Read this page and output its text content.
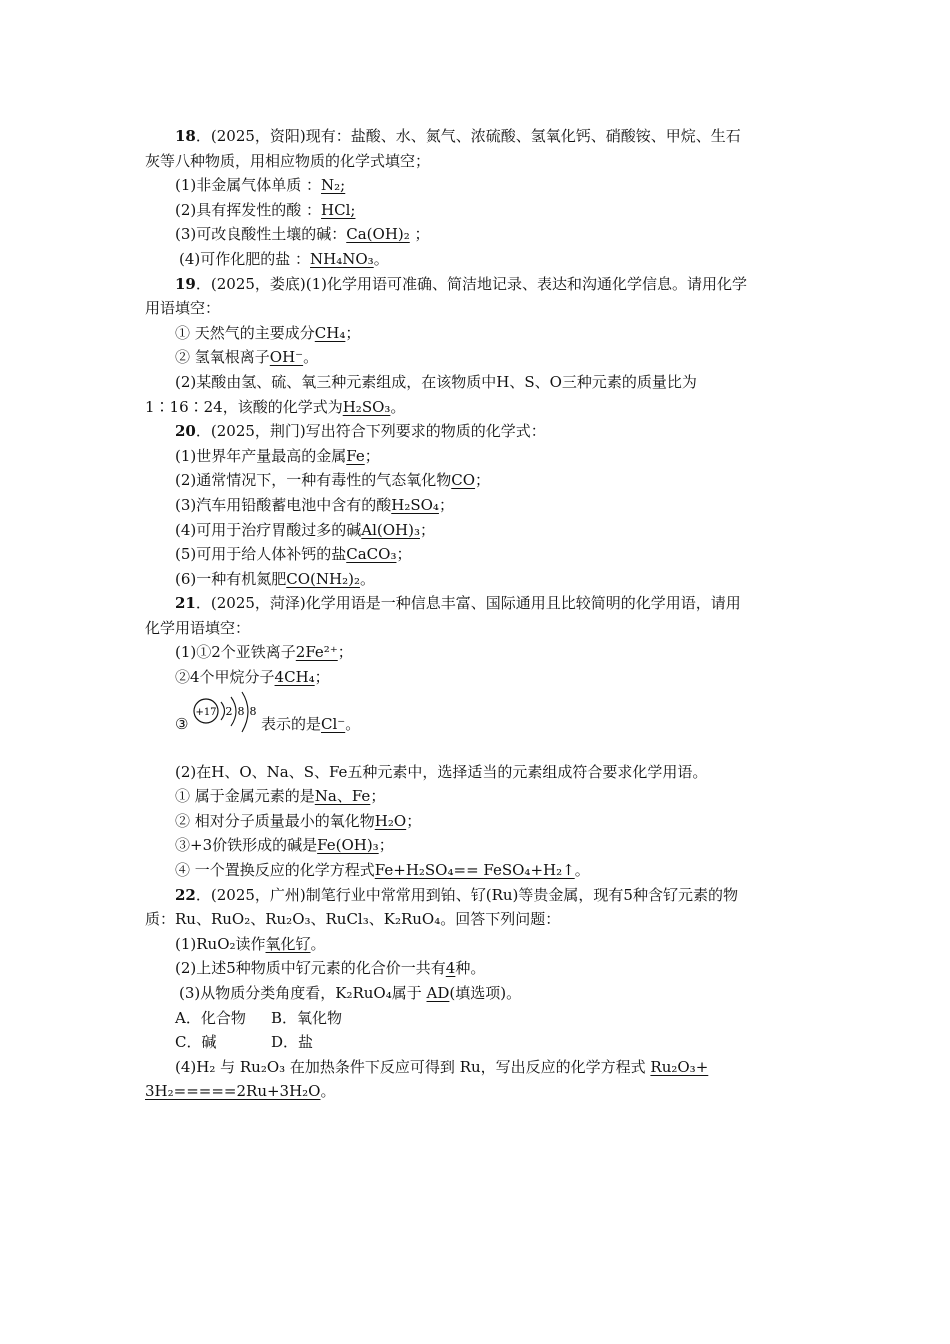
18．(2025，资阳)现有：盐酸、水、氮气、浓硫酸、氢氧化钙、硝酸铵、甲烷、生石
灰等八种物质，用相应物质的化学式填空；
(1)非金属气体单质 ：N₂;
(2)具有挥发性的酸 ：HCl;
(3)可改良酸性土壤的碱：Ca(OH)₂ ；
(4)可作化肥的盐 ：NH₄NO₃。
19．(2025，娄底)(1)化学用语可准确、简洁地记录、表达和沟通化学信息。请用化学
用语填空：
① 天然气的主要成分CH₄；
② 氢氧根离子OH⁻。
(2)某酸由氢、硫、氧三种元素组成，在该物质中H、S、O三种元素的质量比为
1∶16∶24，该酸的化学式为H₂SO₃。
20．(2025，荆门)写出符合下列要求的物质的化学式：
(1)世界年产量最高的金属Fe；
(2)通常情况下，一种有毒性的气态氧化物CO；
(3)汽车用铅酸蓄电池中含有的酸H₂SO₄；
(4)可用于治疗胃酸过多的碱Al(OH)₃；
(5)可用于给人体补钙的盐CaCO₃；
(6)一种有机氮肥CO(NH₂)₂。
21．(2025，菏泽)化学用语是一种信息丰富、国际通用且比较简明的化学用语，请用
化学用语填空：
(1)①2个亚铁离子2Fe²⁺；
②4个甲烷分子4CH₄；
③
+17 2 8 8
表示的是Cl⁻。
(2)在H、O、Na、S、Fe五种元素中，选择适当的元素组成符合要求化学用语。
① 属于金属元素的是Na、Fe；
② 相对分子质量最小的氧化物H₂O；
③+3价铁形成的碱是Fe(OH)₃；
④ 一个置换反应的化学方程式Fe+H₂SO₄== FeSO₄+H₂↑。
22．(2025，广州)制笔行业中常常用到铂、钌(Ru)等贵金属，现有5种含钌元素的物
质：Ru、RuO₂、Ru₂O₃、RuCl₃、K₂RuO₄。回答下列问题：
(1)RuO₂读作氧化钌。
(2)上述5种物质中钌元素的化合价一共有4种。
(3)从物质分类角度看，K₂RuO₄属于 AD(填选项)。
A．化合物 B．氧化物
C．碱	D．盐
(4)H₂ 与 Ru₂O₃ 在加热条件下反应可得到 Ru，写出反应的化学方程式 Ru₂O₃+
3H₂=====2Ru+3H₂O。
